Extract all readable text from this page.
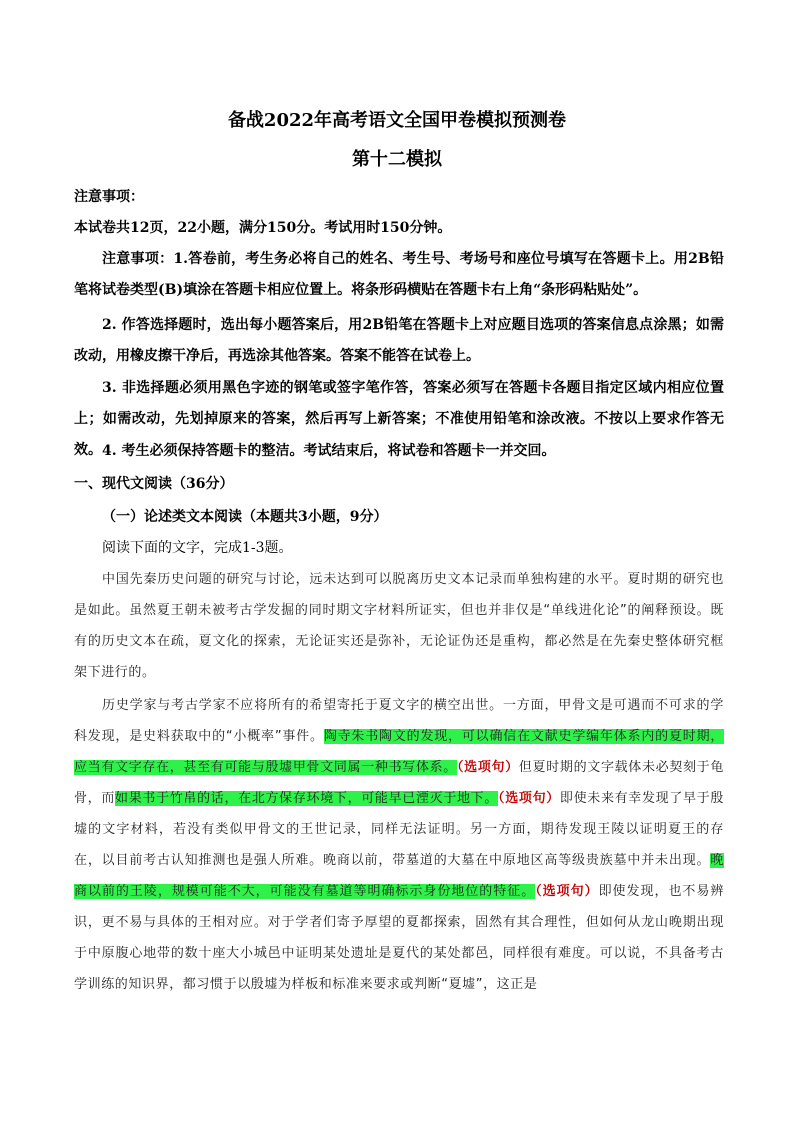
备战2022年高考语文全国甲卷模拟预测卷
第十二模拟
注意事项：
本试卷共12页，22小题，满分150分。考试用时150分钟。
注意事项：1.答卷前，考生务必将自己的姓名、考生号、考场号和座位号填写在答题卡上。用2B铅笔将试卷类型(B)填涂在答题卡相应位置上。将条形码横贴在答题卡右上角“条形码粘贴处”。
2. 作答选择题时，选出每小题答案后，用2B铅笔在答题卡上对应题目选项的答案信息点涂黑；如需改动，用橡皮擦干净后，再选涂其他答案。答案不能答在试卷上。
3. 非选择题必须用黑色字迹的钢笔或签字笔作答，答案必须写在答题卡各题目指定区域内相应位置上；如需改动，先划掉原来的答案，然后再写上新答案；不准使用铅笔和涂改液。不按以上要求作答无效。 4. 考生必须保持答题卡的整洁。考试结束后，将试卷和答题卡一并交回。
一、现代文阅读（36分）
（一）论述类文本阅读（本题共3小题，9分）
阅读下面的文字，完成1-3题。
中国先秦历史问题的研究与讨论，远未达到可以脱离历史文本记录而单独构建的水平。夏时期的研究也是如此。虽然夏王朝未被考古学发掘的同时期文字材料所证实，但也并非仅是“单线进化论”的阐释预设。既有的历史文本在疏，夏文化的探索，无论证实还是弥补，无论证伪还是重构，都必然是在先秦史整体研究框架下进行的。
历史学家与考古学家不应将所有的希望寄托于夏文字的横空出世。一方面，甲骨文是可遇而不可求的学科发现，是史料获取中的“小概率”事件。陶寺朱书陶文的发现，可以确信在文献史学编年体系内的夏时期，应当有文字存在，甚至有可能与殷墟甲骨文同属一种书写体系。（选项句）但夏时期的文字载体未必契刻于龟骨，而如果书于竹帛的话，在北方保存环境下，可能早已湮灭于地下。（选项句）即使未来有幸发现了早于殷墟的文字材料，若没有类似甲骨文的王世记录，同样无法证明。另一方面，期待发现王陵以证明夏王的存在，以目前考古认知推测也是强人所难。晚商以前，带墓道的大墓在中原地区高等级贵族墓中并未出现。晚商以前的王陵，规模可能不大，可能没有墓道等明确标示身份地位的特征。（选项句）即使发现，也不易辨识，更不易与具体的王相对应。对于学者们寄予厚望的夏都探索，固然有其合理性，但如何从龙山晚期出现于中原腹心地带的数十座大小城邑中证明某处遗址是夏代的某处都邑，同样很有难度。可以说，不具备考古学训练的知识界，都习惯于以殷墟为样板和标准来要求或判断“夏墟”，这正是
